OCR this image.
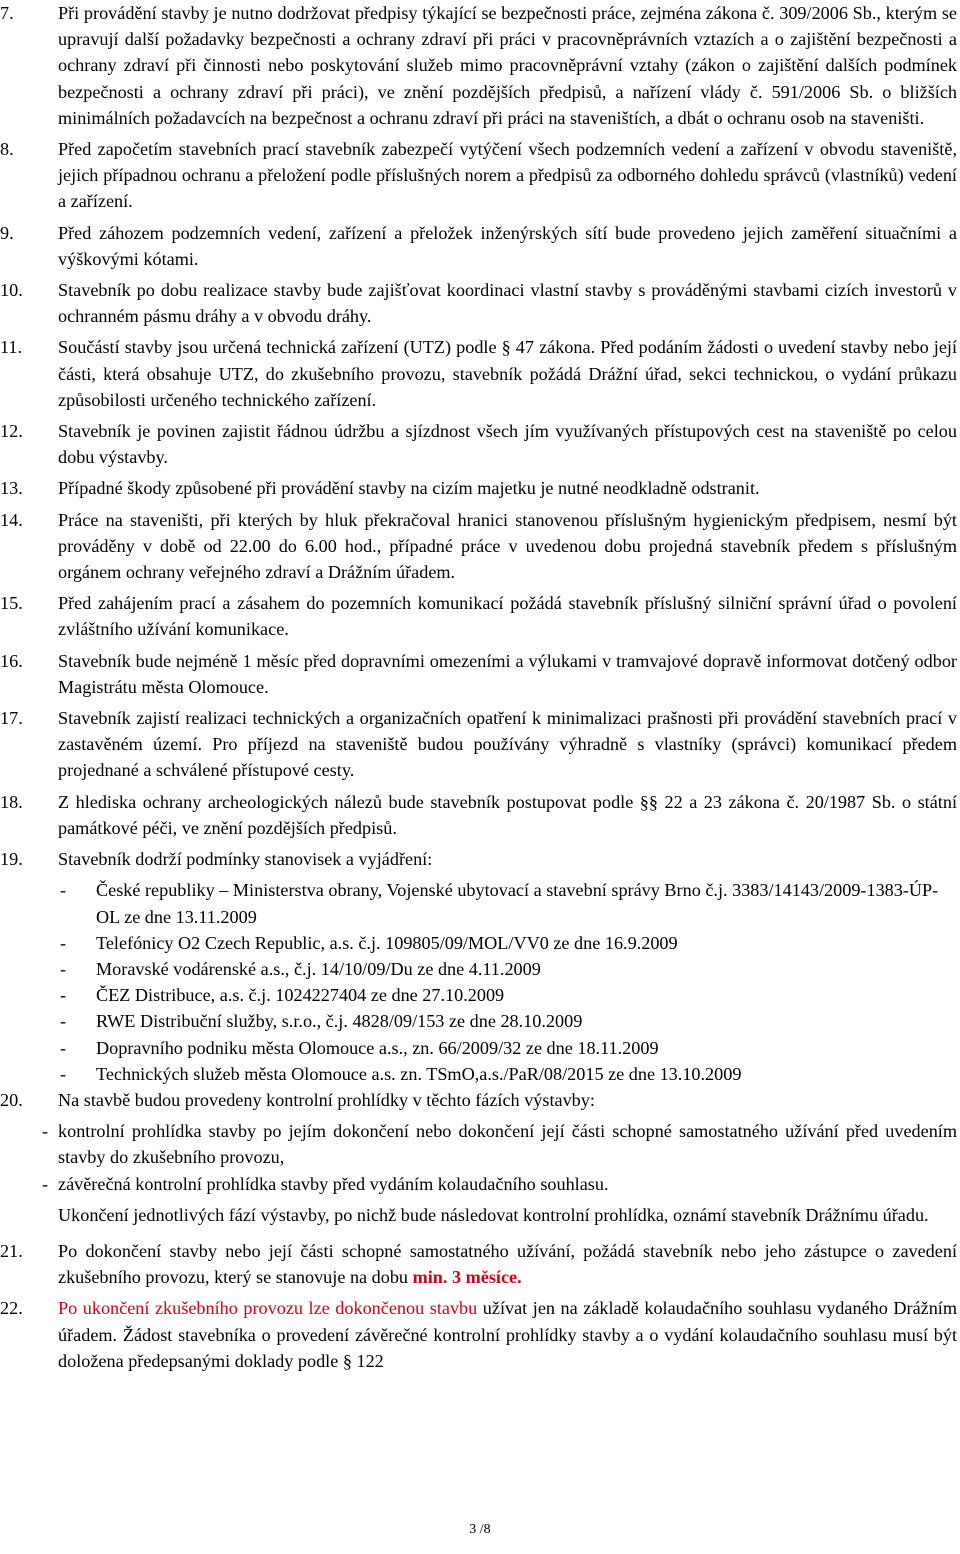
7. Při provádění stavby je nutno dodržovat předpisy týkající se bezpečnosti práce, zejména zákona č. 309/2006 Sb., kterým se upravují další požadavky bezpečnosti a ochrany zdraví při práci v pracovněprávních vztazích a o zajištění bezpečnosti a ochrany zdraví při činnosti nebo poskytování služeb mimo pracovněprávní vztahy (zákon o zajištění dalších podmínek bezpečnosti a ochrany zdraví při práci), ve znění pozdějších předpisů, a nařízení vlády č. 591/2006 Sb. o bližších minimálních požadavcích na bezpečnost a ochranu zdraví při práci na staveništích, a dbát o ochranu osob na staveništi.

8. Před započetím stavebních prací stavebník zabezpečí vytýčení všech podzemních vedení a zařízení v obvodu staveniště, jejich případnou ochranu a přeložení podle příslušných norem a předpisů za odborného dohledu správců (vlastníků) vedení a zařízení.

9. Před záhozem podzemních vedení, zařízení a přeložek inženýrských sítí bude provedeno jejich zaměření situačními a výškovými kótami.

10. Stavebník po dobu realizace stavby bude zajišťovat koordinaci vlastní stavby s prováděnými stavbami cizích investorů v ochranném pásmu dráhy a v obvodu dráhy.

11. Součástí stavby jsou určená technická zařízení (UTZ) podle § 47 zákona. Před podáním žádosti o uvedení stavby nebo její části, která obsahuje UTZ, do zkušebního provozu, stavebník požádá Drážní úřad, sekci technickou, o vydání průkazu způsobilosti určeného technického zařízení.

12. Stavebník je povinen zajistit řádnou údržbu a sjízdnost všech jím využívaných přístupových cest na staveniště po celou dobu výstavby.

13. Případné škody způsobené při provádění stavby na cizím majetku je nutné neodkladně odstranit.

14. Práce na staveništi, při kterých by hluk překračoval hranici stanovenou příslušným hygienickým předpisem, nesmí být prováděny v době od 22.00 do 6.00 hod., případné práce v uvedenou dobu projedná stavebník předem s příslušným orgánem ochrany veřejného zdraví a Drážním úřadem.

15. Před zahájením prací a zásahem do pozemních komunikací požádá stavebník příslušný silniční správní úřad o povolení zvláštního užívání komunikace.

16. Stavebník bude nejméně 1 měsíc před dopravními omezeními a výlukami v tramvajové dopravě informovat dotčený odbor Magistrátu města Olomouce.

17. Stavebník zajistí realizaci technických a organizačních opatření k minimalizaci prašnosti při provádění stavebních prací v zastavěném území. Pro příjezd na staveniště budou používány výhradně s vlastníky (správci) komunikací předem projednané a schválené přístupové cesty.

18. Z hlediska ochrany archeologických nálezů bude stavebník postupovat podle §§ 22 a 23 zákona č. 20/1987 Sb. o státní památkové péči, ve znění pozdějších předpisů.

19. Stavebník dodrží podmínky stanovisek a vyjádření:

- České republiky – Ministerstva obrany, Vojenské ubytovací a stavební správy Brno č.j. 3383/14143/2009-1383-ÚP-OL ze dne 13.11.2009
- Telefónicy O2 Czech Republic, a.s. č.j. 109805/09/MOL/VV0 ze dne 16.9.2009
- Moravské vodárenské a.s., č.j. 14/10/09/Du ze dne 4.11.2009
- ČEZ Distribuce, a.s. č.j. 1024227404 ze dne 27.10.2009
- RWE Distribuční služby, s.r.o., č.j. 4828/09/153 ze dne 28.10.2009
- Dopravního podniku města Olomouce a.s., zn. 66/2009/32 ze dne 18.11.2009
- Technických služeb města Olomouce a.s. zn. TSmO,a.s./PaR/08/2015 ze dne 13.10.2009
20. Na stavbě budou provedeny kontrolní prohlídky v těchto fázích výstavby:

- kontrolní prohlídka stavby po jejím dokončení nebo dokončení její části schopné samostatného užívání před uvedením stavby do zkušebního provozu,
- závěrečná kontrolní prohlídka stavby před vydáním kolaudačního souhlasu.

Ukončení jednotlivých fází výstavby, po nichž bude následovat kontrolní prohlídka, oznámí stavebník Drážnímu úřadu.

21. Po dokončení stavby nebo její části schopné samostatného užívání, požádá stavebník nebo jeho zástupce o zavedení zkušebního provozu, který se stanovuje na dobu min. 3 měsíce.

22. Po ukončení zkušebního provozu lze dokončenou stavbu užívat jen na základě kolaudačního souhlasu vydaného Drážním úřadem. Žádost stavebníka o provedení závěrečné kontrolní prohlídky stavby a o vydání kolaudačního souhlasu musí být doložena předepsanými doklady podle § 122

3 /8
